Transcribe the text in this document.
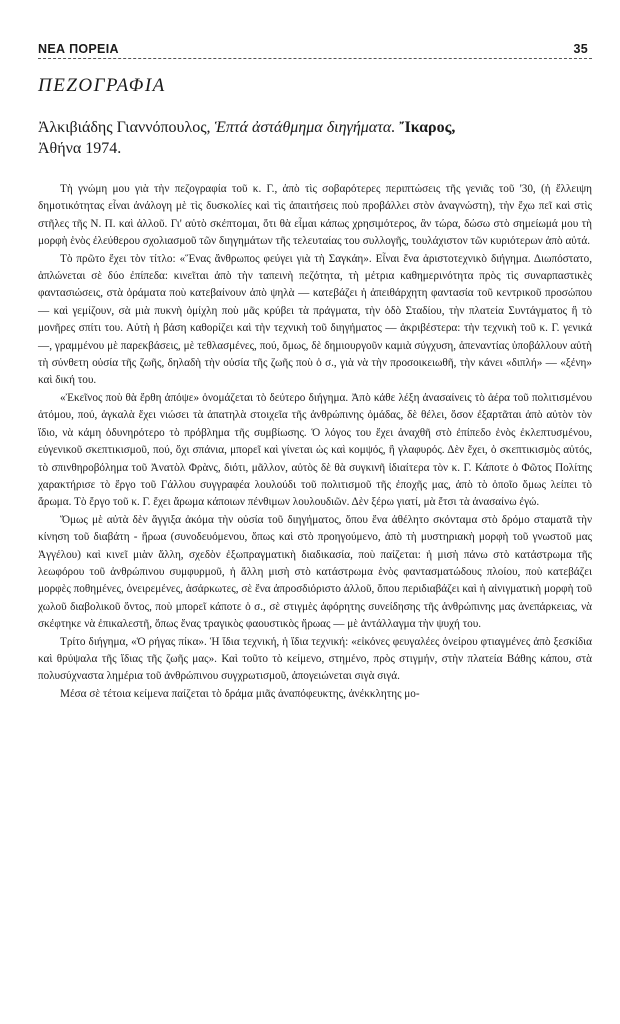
ΝΕΑ ΠΟΡΕΙΑ	35
ΠΕΖΟΓΡΑΦΙΑ
Ἀλκιβιάδης Γιαννόπουλος, Ἑπτά ἀστάθμημα διηγήματα. Ἴκαρος,
Ἀθήνα 1974.

Τὴ γνώμη μου γιὰ τὴν πεζογραφία τοῦ κ. Γ., ἀπὸ τὶς σοβαρότερες περιπτώσεις τῆς γενιᾶς τοῦ '30, (ἡ ἔλλειψη δημοτικότητας εἶναι ἀνάλογη μὲ τὶς δυσκολίες καὶ τὶς ἀπαιτήσεις ποὺ προβάλλει στὸν ἀναγνώστη), τὴν ἔχω πεῖ καὶ στὶς στῆλες τῆς Ν. Π. καὶ ἀλλοῦ. Γι' αὐτὸ σκέπτομαι, ὅτι θὰ εἶμαι κάπως χρησιμότερος, ἂν τώρα, δώσω στὸ σημείωμά μου τὴ μορφὴ ἑνὸς ἐλεύθερου σχολιασμοῦ τῶν διηγημάτων τῆς τελευταίας του συλλογῆς, τουλάχιστον τῶν κυριότερων ἀπὸ αὐτά.

Τὸ πρῶτο ἔχει τὸν τίτλο: «Ἕνας ἄνθρωπος φεύγει γιὰ τὴ Σαγκάη». Εἶναι ἕνα ἀριστοτεχνικὸ διήγημα. Διωπόστατο, ἁπλώνεται σὲ δύο ἐπίπεδα: κινεῖται ἀπὸ τὴν ταπεινὴ πεζότητα, τὴ μέτρια καθημερινότητα πρὸς τὶς συναρπαστικὲς φαντασιώσεις, στὰ ὁράματα ποὺ κατεβαίνουν ἀπὸ ψηλὰ — κατεβάζει ἡ ἀπειθάρχητη φαντασία τοῦ κεντρικοῦ προσώπου — καὶ γεμίζουν, σὰ μιὰ πυκνὴ ὁμίχλη ποὺ μᾶς κρύβει τὰ πράγματα, τὴν ὁδὸ Σταδίου, τὴν πλατεία Συντάγματος ἢ τὸ μονῆρες σπίτι του. Αὐτὴ ἡ βάση καθορίζει καὶ τὴν τεχνικὴ τοῦ διηγήματος — ἀκριβέστερα: τὴν τεχνικὴ τοῦ κ. Γ. γενικά —, γραμμένου μὲ παρεκβάσεις, μὲ τεθλασμένες, πού, ὅμως, δὲ δημιουργοῦν καμιὰ σύγχυση, ἀπεναντίας ὑποβάλλουν αὐτὴ τὴ σύνθετη οὐσία τῆς ζωῆς, δηλαδὴ τὴν οὐσία τῆς ζωῆς ποὺ ὁ σ., γιὰ νὰ τὴν προσοικειωθῆ, τὴν κάνει «διπλή» — «ξένη» καὶ δική του.

«Ἐκεῖνος ποὺ θὰ ἔρθη ἀπόψε» ὀνομάζεται τὸ δεύτερο διήγημα. Ἀπὸ κάθε λέξη ἀνασαίνεις τὸ ἀέρα τοῦ πολιτισμένου ἀτόμου, πού, ἀγκαλὰ ἔχει νιώσει τὰ ἀπατηλὰ στοιχεῖα τῆς ἀνθρώπινης ὁμάδας, δὲ θέλει, ὅσον ἐξαρτᾶται ἀπὸ αὐτὸν τὸν ἴδιο, νὰ κάμη ὀδυνηρότερο τὸ πρόβλημα τῆς συμβίωσης. Ὁ λόγος του ἔχει ἀναχθῆ στὸ ἐπίπεδο ἑνὸς ἐκλεπτυσμένου, εὐγενικοῦ σκεπτικισμοῦ, πού, ὄχι σπάνια, μπορεῖ καὶ γίνεται ὡς καὶ κομψός, ἢ γλαφυρός. Δὲν ἔχει, ὁ σκεπτικισμὸς αὐτός, τὸ σπινθηροβόλημα τοῦ Ἀνατὸλ Φρὰνς, διότι, μᾶλλον, αὐτὸς δὲ θὰ συγκινῆ ἰδιαίτερα τὸν κ. Γ. Κάποτε ὁ Φῶτος Πολίτης χαρακτήρισε τὸ ἔργο τοῦ Γάλλου συγγραφέα λουλούδι τοῦ πολιτισμοῦ τῆς ἐποχῆς μας, ἀπὸ τὸ ὁποῖο ὅμως λείπει τὸ ἄρωμα. Τὸ ἔργο τοῦ κ. Γ. ἔχει ἄρωμα κάποιων πένθιμων λουλουδιῶν. Δὲν ξέρω γιατί, μὰ ἔτσι τὰ ἀνασαίνω ἐγώ.

Ὅμως μὲ αὐτὰ δὲν ἄγγιξα ἀκόμα τὴν οὐσία τοῦ διηγήματος, ὅπου ἕνα ἀθέλητο σκόνταμα στὸ δρόμο σταματᾶ τὴν κίνηση τοῦ διαβάτη - ἥρωα (συνοδευόμενου, ὅπως καὶ στὸ προηγούμενο, ἀπὸ τὴ μυστηριακὴ μορφὴ τοῦ γνωστοῦ μας Ἀγγέλου) καὶ κινεῖ μιὰν ἄλλη, σχεδὸν ἐξωπραγματικὴ διαδικασία, ποὺ παίζεται: ἡ μισὴ πάνω στὸ κατάστρωμα τῆς λεωφόρου τοῦ ἀνθρώπινου συμφυρμοῦ, ἡ ἄλλη μισὴ στὸ κατάστρωμα ἑνὸς φαντασματώδους πλοίου, ποὺ κατεβάζει μορφὲς ποθημένες, ὀνειρεμένες, ἀσάρκωτες, σὲ ἕνα ἀπροσδιόριστο ἀλλοῦ, ὅπου περιδιαβάζει καὶ ἡ αἰνιγματικὴ μορφὴ τοῦ χωλοῦ διαβολικοῦ ὄντος, ποὺ μπορεῖ κάποτε ὁ σ., σὲ στιγμὲς ἀφόρητης συνείδησης τῆς ἀνθρώπινης μας ἀνεπάρκειας, νὰ σκέφτηκε νὰ ἐπικαλεστῆ, ὅπως ἕνας τραγικὸς φαουστικὸς ἥρωας — μὲ ἀντάλλαγμα τὴν ψυχή του.

Τρίτο διήγημα, «Ὁ ρήγας πίκα». Ἡ ἴδια τεχνική, ἡ ἴδια τεχνική: «εἰκόνες φευγαλέες ὀνείρου φτιαγμένες ἀπὸ ξεσκίδια καὶ θρύψαλα τῆς ἴδιας τῆς ζωῆς μας». Καὶ τοῦτο τὸ κείμενο, στημένο, πρὸς στιγμήν, στὴν πλατεία Βάθης κάπου, στὰ πολυσύχναστα λημέρια τοῦ ἀνθρώπινου συγχρωτισμοῦ, ἀπογειώνεται σιγὰ σιγά.

Μέσα σὲ τέτοια κείμενα παίζεται τὸ δράμα μιᾶς ἀναπόφευκτης, ἀνέκκλητης μο-
